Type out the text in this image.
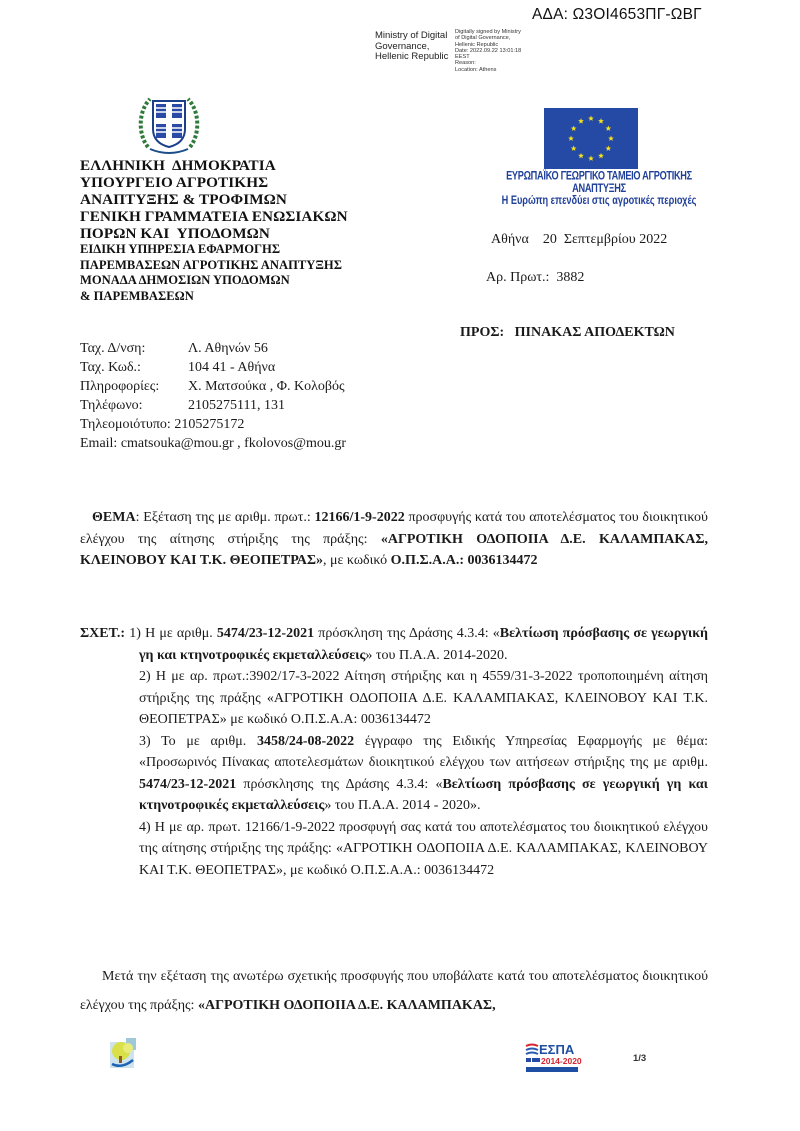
ΑΔΑ: Ω3ΟΙ4653ΠΓ-ΩΒΓ
Ministry of Digital
Governance,
Hellenic Republic
Digitally signed by Ministry
of Digital Governance,
Hellenic Republic
Date: 2022.09.22 13:01:18
EEST
Reason:
Location: Athens
ΕΛΛΗΝΙΚΗ  ΔΗΜΟΚΡΑΤΙΑ
ΥΠΟΥΡΓΕΙΟ ΑΓΡΟΤΙΚΗΣ
ΑΝΑΠΤΥΞΗΣ & ΤΡΟΦΙΜΩΝ
ΓΕΝΙΚΗ ΓΡΑΜΜΑΤΕΙΑ ΕΝΩΣΙΑΚΩΝ
ΠΟΡΩΝ ΚΑΙ  ΥΠΟΔΟΜΩΝ
ΕΙΔΙΚΗ ΥΠΗΡΕΣΙΑ ΕΦΑΡΜΟΓΗΣ
ΠΑΡΕΜΒΑΣΕΩΝ ΑΓΡΟΤΙΚΗΣ ΑΝΑΠΤΥΞΗΣ
ΜΟΝΑΔΑ ΔΗΜΟΣΙΩΝ ΥΠΟΔΟΜΩΝ
& ΠΑΡΕΜΒΑΣΕΩΝ
ΕΥΡΩΠΑΪΚΟ ΓΕΩΡΓΙΚΟ ΤΑΜΕΙΟ ΑΓΡΟΤΙΚΗΣ ΑΝΑΠΤΥΞΗΣ
Η Ευρώπη επενδύει στις αγροτικές περιοχές
Αθήνα 20  Σεπτεμβρίου 2022
Αρ. Πρωτ.:  3882
ΠΡΟΣ:   ΠΙΝΑΚΑΣ ΑΠΟΔΕΚΤΩΝ
Ταχ. Δ/νση:	Λ. Αθηνών 56
Ταχ. Κωδ.:	104 41 - Αθήνα
Πληροφορίες:	Χ. Ματσούκα , Φ. Κολοβός
Τηλέφωνο:	2105275111, 131
Τηλεομοιότυπο:
2105275172
Email:
cmatsouka@mou.gr , fkolovos@mou.gr
ΘΕΜΑ: Εξέταση της με αριθμ. πρωτ.: 12166/1-9-2022 προσφυγής κατά του αποτελέσματος του διοικητικού ελέγχου της αίτησης στήριξης της πράξης: «ΑΓΡΟΤΙΚΗ ΟΔΟΠΟΙΙΑ Δ.Ε. ΚΑΛΑΜΠΑΚΑΣ, ΚΛΕΙΝΟΒΟΥ ΚΑΙ Τ.Κ. ΘΕΟΠΕΤΡΑΣ», με κωδικό Ο.Π.Σ.Α.Α.: 0036134472
ΣΧΕΤ.: 1) Η με αριθμ. 5474/23-12-2021 πρόσκληση της Δράσης 4.3.4: «Βελτίωση πρόσβασης σε γεωργική γη και κτηνοτροφικές εκμεταλλεύσεις» του Π.Α.Α. 2014-2020.
2) Η με αρ. πρωτ.:3902/17-3-2022 Αίτηση στήριξης και η 4559/31-3-2022 τροποποιημένη αίτηση στήριξης της πράξης «ΑΓΡΟΤΙΚΗ ΟΔΟΠΟΙΙΑ Δ.Ε. ΚΑΛΑΜΠΑΚΑΣ, ΚΛΕΙΝΟΒΟΥ ΚΑΙ Τ.Κ. ΘΕΟΠΕΤΡΑΣ» με κωδικό Ο.Π.Σ.Α.Α: 0036134472
3) Το με αριθμ. 3458/24-08-2022 έγγραφο της Ειδικής Υπηρεσίας Εφαρμογής με θέμα: «Προσωρινός Πίνακας αποτελεσμάτων διοικητικού ελέγχου των αιτήσεων στήριξης της με αριθμ. 5474/23-12-2021 πρόσκλησης της Δράσης 4.3.4: «Βελτίωση πρόσβασης σε γεωργική γη και κτηνοτροφικές εκμεταλλεύσεις» του Π.Α.Α. 2014 - 2020».
4) Η με αρ. πρωτ. 12166/1-9-2022 προσφυγή σας κατά του αποτελέσματος του διοικητικού ελέγχου της αίτησης στήριξης της πράξης: «ΑΓΡΟΤΙΚΗ ΟΔΟΠΟΙΙΑ Δ.Ε. ΚΑΛΑΜΠΑΚΑΣ, ΚΛΕΙΝΟΒΟΥ ΚΑΙ Τ.Κ. ΘΕΟΠΕΤΡΑΣ», με κωδικό Ο.Π.Σ.Α.Α.: 0036134472

Μετά την εξέταση της ανωτέρω σχετικής προσφυγής που υποβάλατε κατά του αποτελέσματος διοικητικού ελέγχου της πράξης: «ΑΓΡΟΤΙΚΗ ΟΔΟΠΟΙΙΑ Δ.Ε. ΚΑΛΑΜΠΑΚΑΣ,

ΕΣΠΑ
2014-2020	1/3
